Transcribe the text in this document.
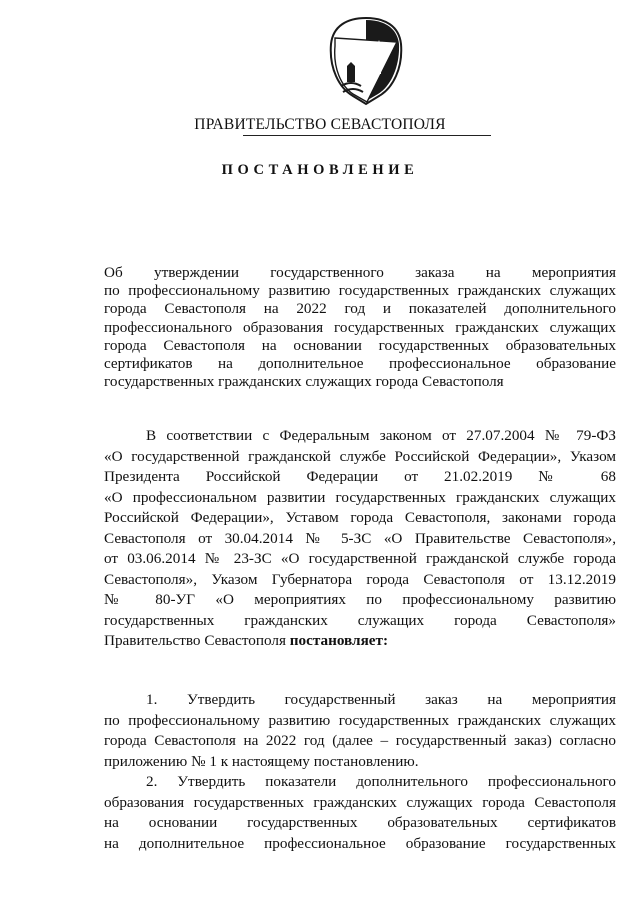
ПРАВИТЕЛЬСТВО СЕВАСТОПОЛЯ
ПОСТАНОВЛЕНИЕ
Об утверждении государственного заказа на мероприятия
по профессиональному развитию государственных гражданских служащих
города Севастополя на 2022 год и показателей дополнительного
профессионального образования государственных гражданских служащих
города Севастополя на основании государственных образовательных
сертификатов на дополнительное профессиональное образование
государственных гражданских служащих города Севастополя
В соответствии с Федеральным законом от 27.07.2004 № 79-ФЗ
«О государственной гражданской службе Российской Федерации», Указом
Президента Российской Федерации от 21.02.2019 № 68
«О профессиональном развитии государственных гражданских служащих
Российской Федерации», Уставом города Севастополя, законами города
Севастополя от 30.04.2014 № 5-ЗС «О Правительстве Севастополя»,
от 03.06.2014 № 23-ЗС «О государственной гражданской службе города
Севастополя», Указом Губернатора города Севастополя от 13.12.2019
№ 80-УГ «О мероприятиях по профессиональному развитию
государственных гражданских служащих города Севастополя»
Правительство Севастополя постановляет:
1. Утвердить государственный заказ на мероприятия
по профессиональному развитию государственных гражданских служащих
города Севастополя на 2022 год (далее – государственный заказ) согласно
приложению № 1 к настоящему постановлению.
2. Утвердить показатели дополнительного профессионального
образования государственных гражданских служащих города Севастополя
на основании государственных образовательных сертификатов
на дополнительное профессиональное образование государственных
